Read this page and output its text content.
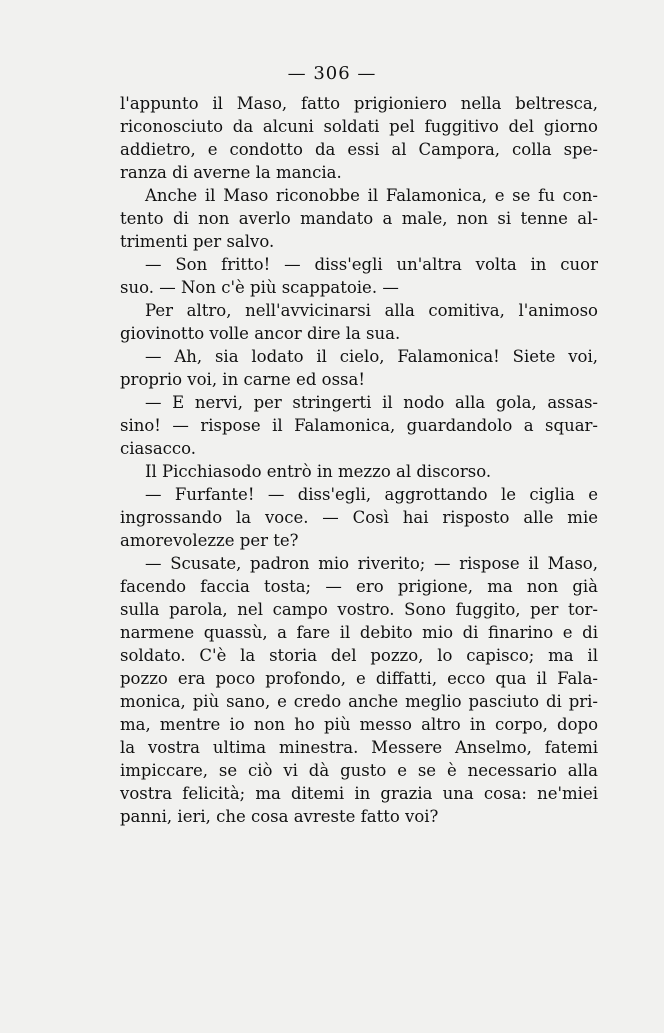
— 306 —
l'appunto il Maso, fatto prigioniero nella beltresca,
riconosciuto da alcuni soldati pel fuggitivo del giorno
addietro, e condotto da essi al Campora, colla spe-
ranza di averne la mancia.
Anche il Maso riconobbe il Falamonica, e se fu con-
tento di non averlo mandato a male, non si tenne al-
trimenti per salvo.
— Son fritto! — diss'egli un'altra volta in cuor
suo. — Non c'è più scappatoie. —
Per altro, nell'avvicinarsi alla comitiva, l'animoso
giovinotto volle ancor dire la sua.
— Ah, sia lodato il cielo, Falamonica! Siete voi,
proprio voi, in carne ed ossa!
— E nervi, per stringerti il nodo alla gola, assas-
sino! — rispose il Falamonica, guardandolo a squar-
ciasacco.
Il Picchiasodo entrò in mezzo al discorso.
— Furfante! — diss'egli, aggrottando le ciglia e
ingrossando la voce. — Così hai risposto alle mie
amorevolezze per te?
— Scusate, padron mio riverito; — rispose il Maso,
facendo faccia tosta; — ero prigione, ma non già
sulla parola, nel campo vostro. Sono fuggito, per tor-
narmene quassù, a fare il debito mio di finarino e di
soldato. C'è la storia del pozzo, lo capisco; ma il
pozzo era poco profondo, e diffatti, ecco qua il Fala-
monica, più sano, e credo anche meglio pasciuto di pri-
ma, mentre io non ho più messo altro in corpo, dopo
la vostra ultima minestra. Messere Anselmo, fatemi
impiccare, se ciò vi dà gusto e se è necessario alla
vostra felicità; ma ditemi in grazia una cosa: ne'miei
panni, ieri, che cosa avreste fatto voi?
